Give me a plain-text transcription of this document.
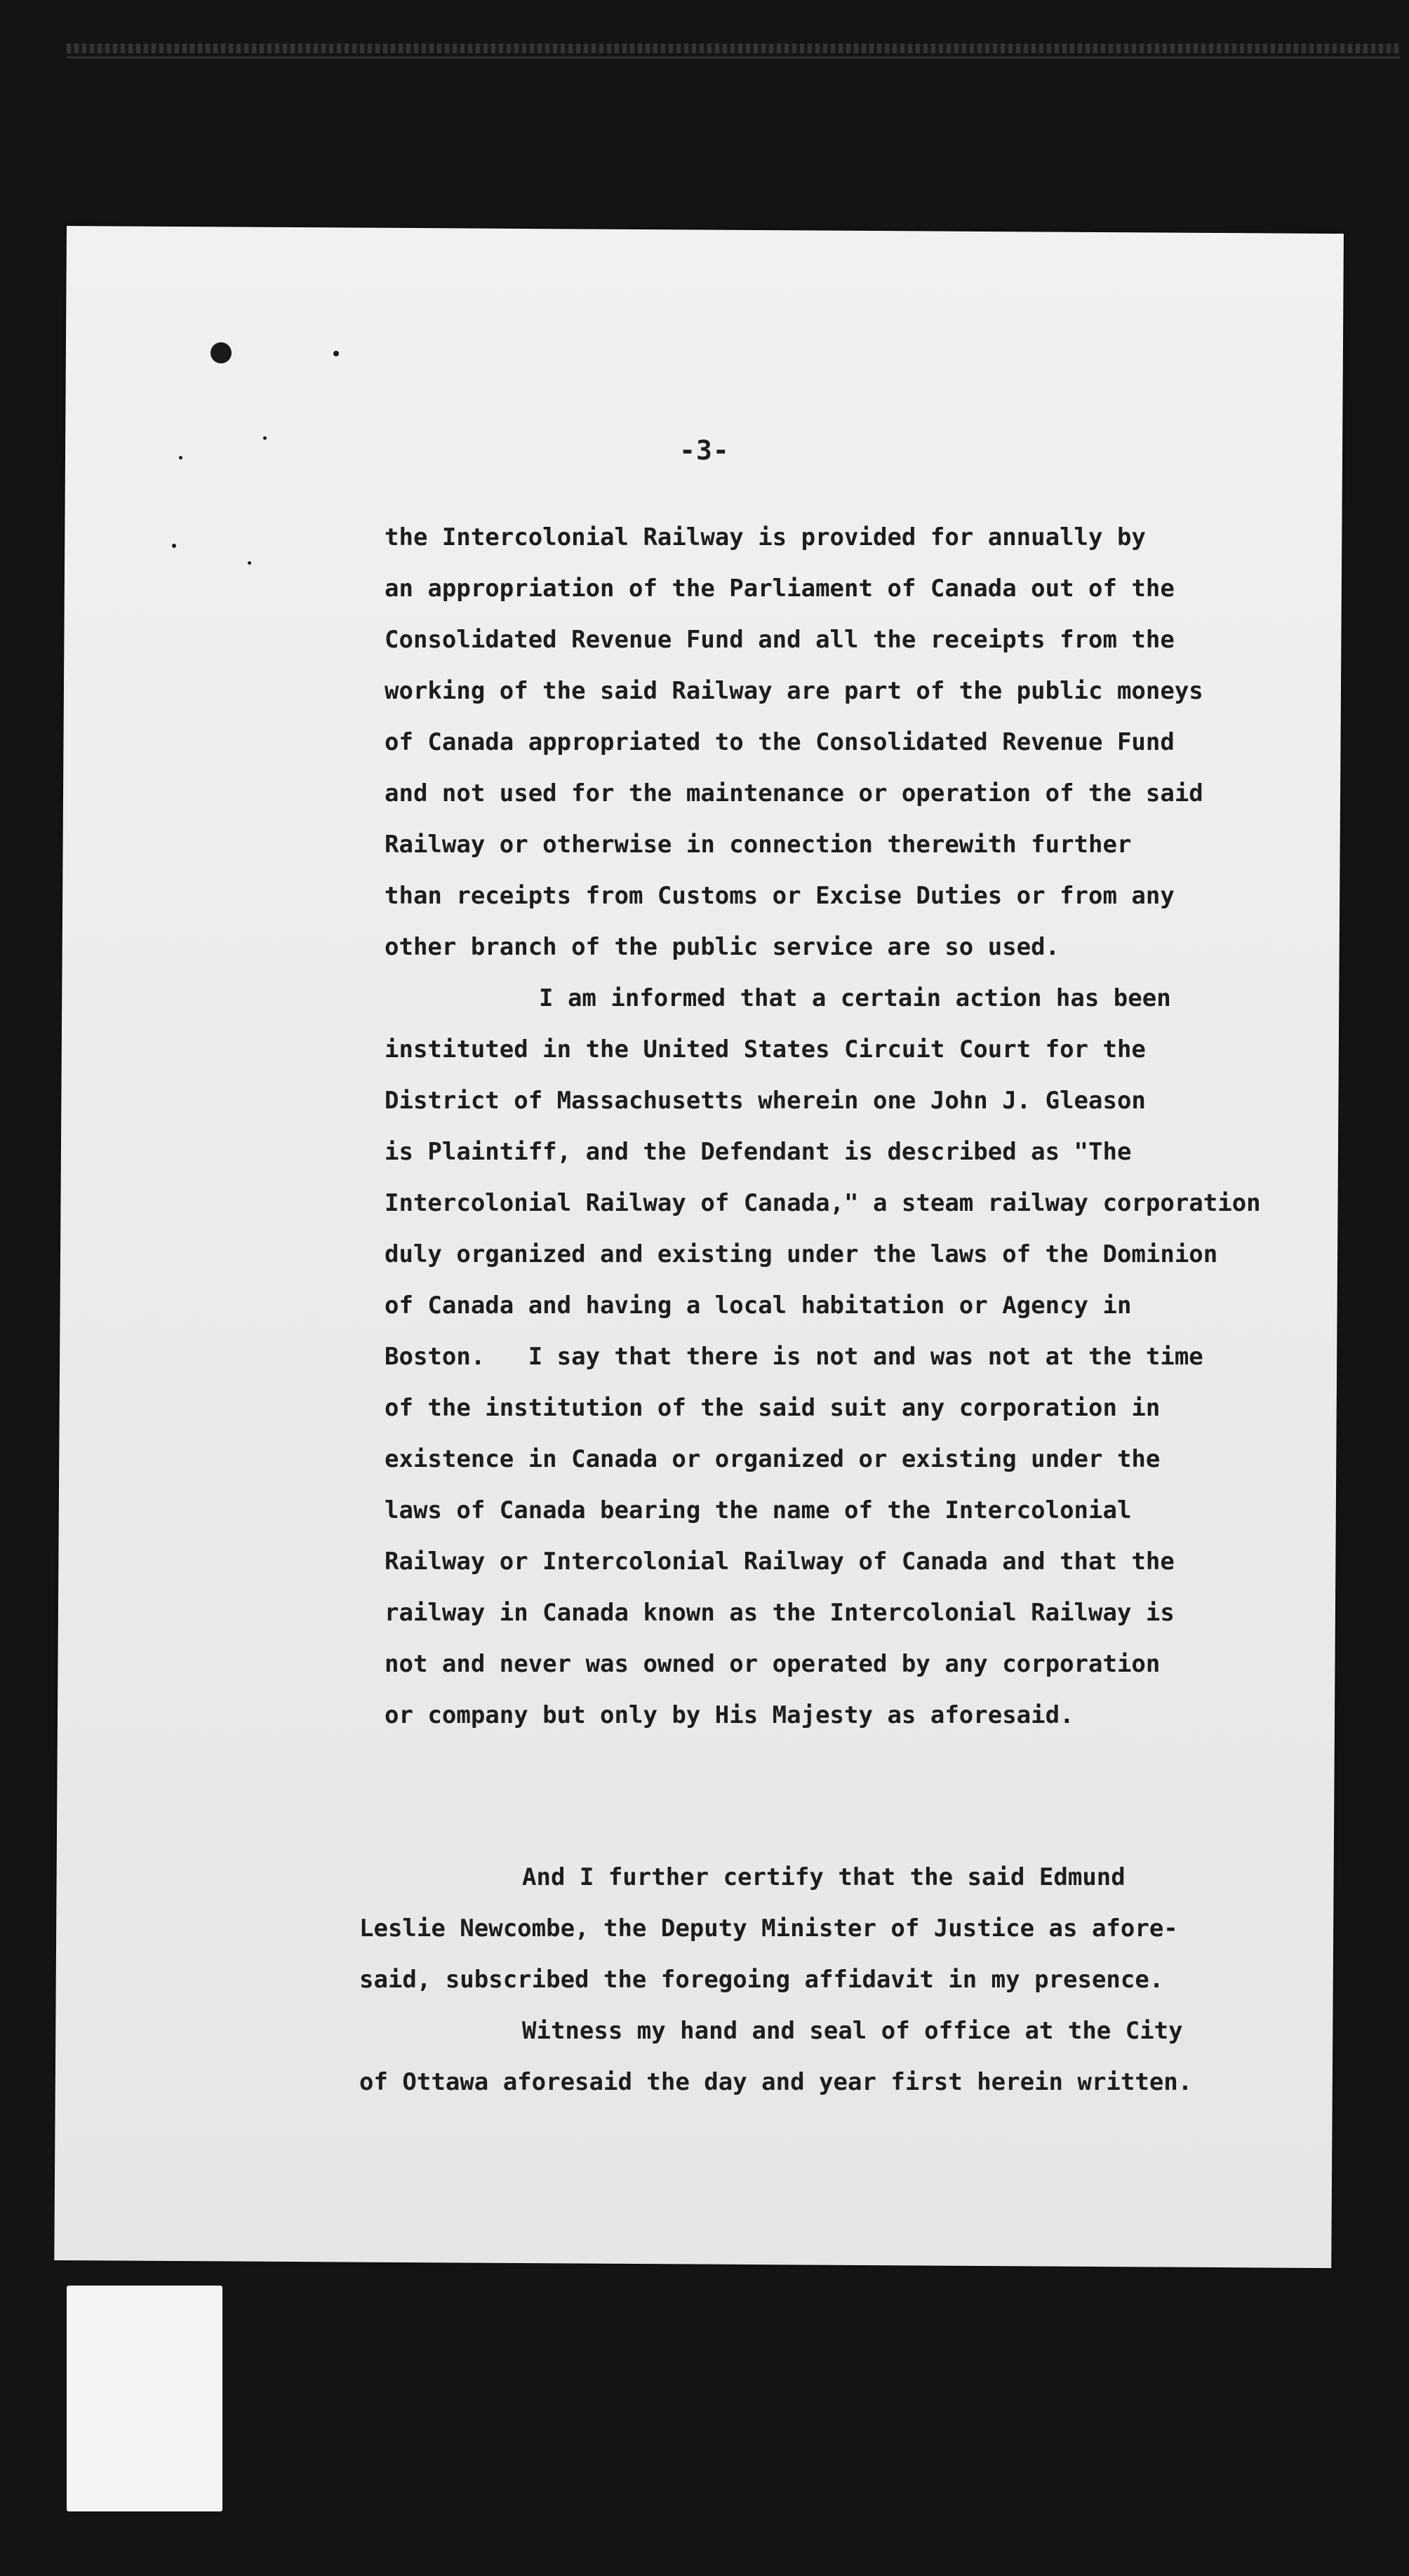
-3-
the Intercolonial Railway is provided for annually by
an appropriation of the Parliament of Canada out of the
Consolidated Revenue Fund and all the receipts from the
working of the said Railway are part of the public moneys
of Canada appropriated to the Consolidated Revenue Fund
and not used for the maintenance or operation of the said
Railway or otherwise in connection therewith further
than receipts from Customs or Excise Duties or from any
other branch of the public service are so used.
I am informed that a certain action has been
instituted in the United States Circuit Court for the
District of Massachusetts wherein one John J. Gleason
is Plaintiff, and the Defendant is described as "The
Intercolonial Railway of Canada," a steam railway corporation
duly organized and existing under the laws of the Dominion
of Canada and having a local habitation or Agency in
Boston.   I say that there is not and was not at the time
of the institution of the said suit any corporation in
existence in Canada or organized or existing under the
laws of Canada bearing the name of the Intercolonial
Railway or Intercolonial Railway of Canada and that the
railway in Canada known as the Intercolonial Railway is
not and never was owned or operated by any corporation
or company but only by His Majesty as aforesaid.
And I further certify that the said Edmund
Leslie Newcombe, the Deputy Minister of Justice as afore-
said, subscribed the foregoing affidavit in my presence.
Witness my hand and seal of office at the City
of Ottawa aforesaid the day and year first herein written.
